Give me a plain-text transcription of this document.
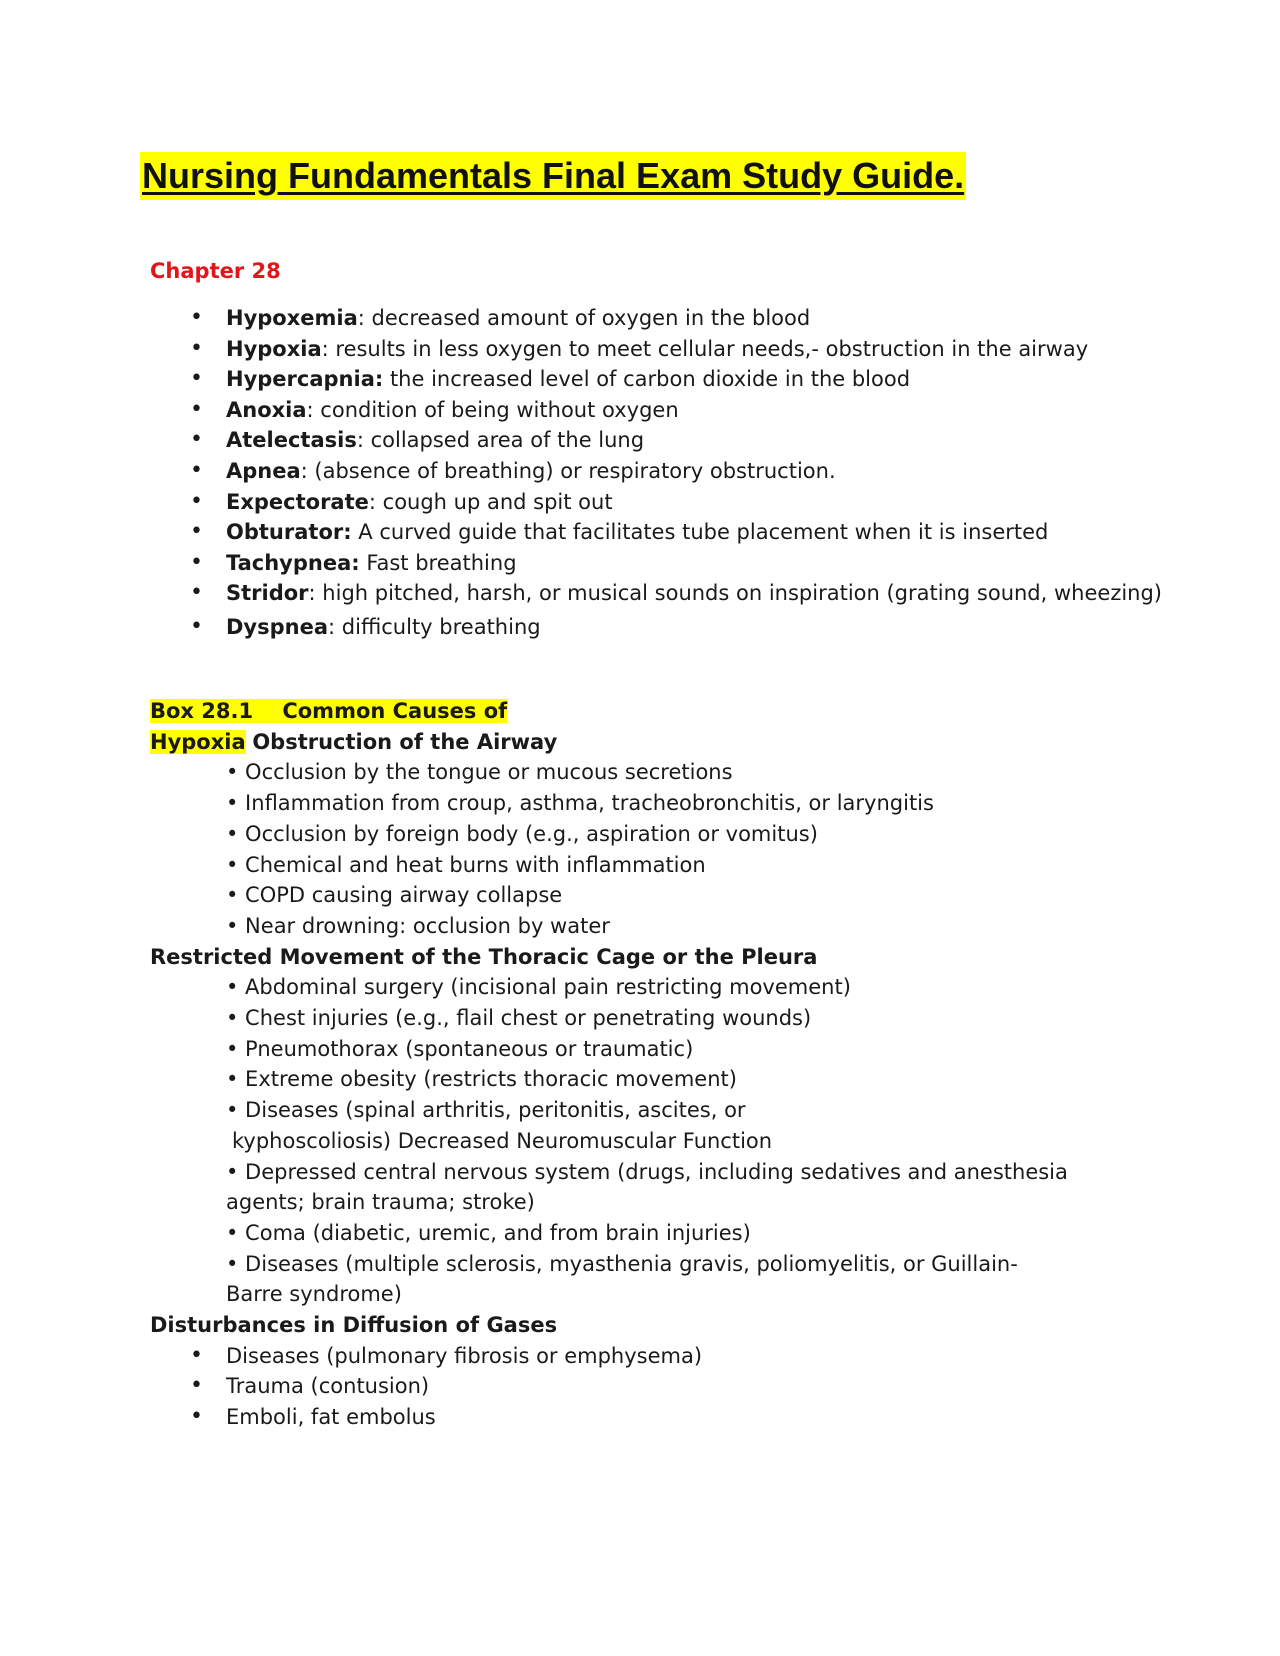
Nursing Fundamentals Final Exam Study Guide.
Chapter 28
• Hypoxemia: decreased amount of oxygen in the blood
• Hypoxia: results in less oxygen to meet cellular needs,- obstruction in the airway
• Hypercapnia: the increased level of carbon dioxide in the blood
• Anoxia: condition of being without oxygen
• Atelectasis: collapsed area of the lung
• Apnea: (absence of breathing) or respiratory obstruction.
• Expectorate: cough up and spit out
• Obturator: A curved guide that facilitates tube placement when it is inserted
• Tachypnea: Fast breathing
• Stridor: high pitched, harsh, or musical sounds on inspiration (grating sound, wheezing)
• Dyspnea: difficulty breathing
Box 28.1    Common Causes of
Hypoxia Obstruction of the Airway
• Occlusion by the tongue or mucous secretions
• Inflammation from croup, asthma, tracheobronchitis, or laryngitis
• Occlusion by foreign body (e.g., aspiration or vomitus)
• Chemical and heat burns with inflammation
• COPD causing airway collapse
• Near drowning: occlusion by water
Restricted Movement of the Thoracic Cage or the Pleura
• Abdominal surgery (incisional pain restricting movement)
• Chest injuries (e.g., flail chest or penetrating wounds)
• Pneumothorax (spontaneous or traumatic)
• Extreme obesity (restricts thoracic movement)
• Diseases (spinal arthritis, peritonitis, ascites, or
kyphoscoliosis) Decreased Neuromuscular Function
• Depressed central nervous system (drugs, including sedatives and anesthesia
agents; brain trauma; stroke)
• Coma (diabetic, uremic, and from brain injuries)
• Diseases (multiple sclerosis, myasthenia gravis, poliomyelitis, or Guillain-
Barre syndrome)
Disturbances in Diffusion of Gases
• Diseases (pulmonary fibrosis or emphysema)
• Trauma (contusion)
• Emboli, fat embolus
